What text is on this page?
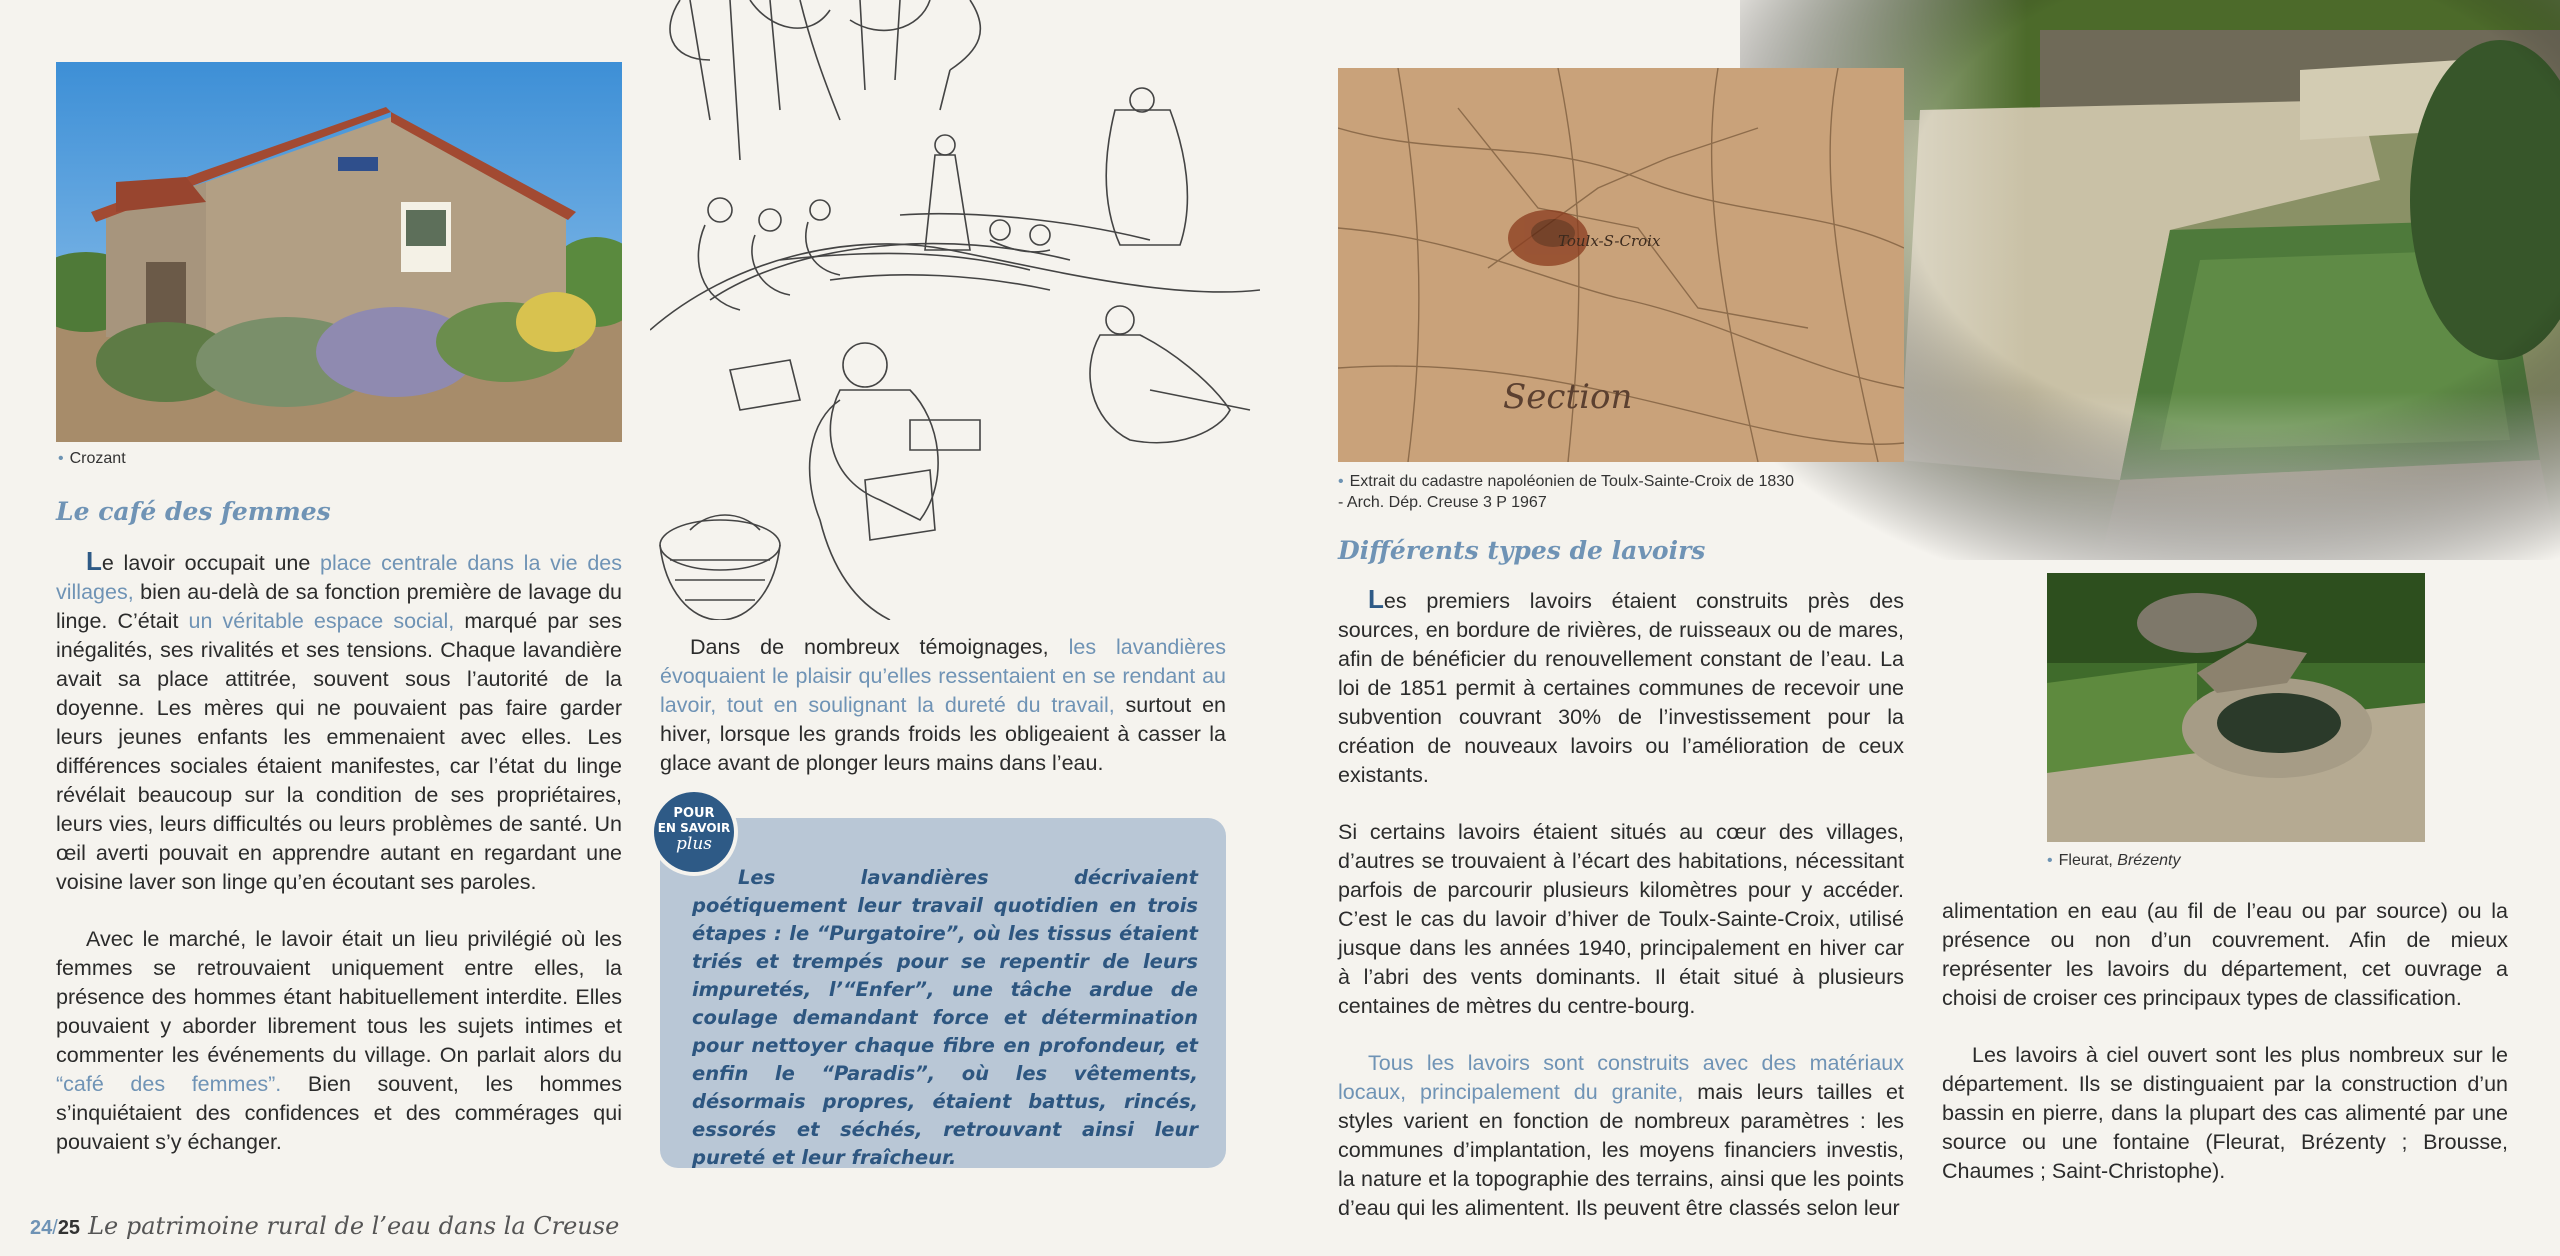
• Crozant
Le café des femmes

Le lavoir occupait une place centrale dans la vie des villages, bien au-delà de sa fonction première de lavage du linge. C’était un véritable espace social, marqué par ses inégalités, ses rivalités et ses tensions. Chaque lavandière avait sa place attitrée, souvent sous l’autorité de la doyenne. Les mères qui ne pouvaient pas faire garder leurs jeunes enfants les emmenaient avec elles. Les différences sociales étaient manifestes, car l’état du linge révélait beaucoup sur la condition de ses propriétaires, leurs vies, leurs difficultés ou leurs problèmes de santé. Un œil averti pouvait en apprendre autant en regardant une voisine laver son linge qu’en écoutant ses paroles.

Avec le marché, le lavoir était un lieu privilégié où les femmes se retrouvaient uniquement entre elles, la présence des hommes étant habituellement interdite. Elles pouvaient y aborder librement tous les sujets intimes et commenter les événements du village. On parlait alors du “café des femmes”. Bien souvent, les hommes s’inquiétaient des confidences et des commérages qui pouvaient s’y échanger.

Dans de nombreux témoignages, les lavandières évoquaient le plaisir qu’elles ressentaient en se rendant au lavoir, tout en soulignant la dureté du travail, surtout en hiver, lorsque les grands froids les obligeaient à casser la glace avant de plonger leurs mains dans l’eau.

Les lavandières décrivaient poétiquement leur travail quotidien en trois étapes : le “Purgatoire”, où les tissus étaient triés et trempés pour se repentir de leurs impuretés, l’“Enfer”, une tâche ardue de coulage demandant force et détermination pour nettoyer chaque fibre en profondeur, et enfin le “Paradis”, où les vêtements, désormais propres, étaient battus, rincés, essorés et séchés, retrouvant ainsi leur pureté et leur fraîcheur.
POUR
EN SAVOIR
plus
Section
Toulx-S-Croix
• Extrait du cadastre napoléonien de Toulx-Sainte-Croix de 1830
- Arch. Dép. Creuse 3 P 1967
Différents types de lavoirs

Les premiers lavoirs étaient construits près des sources, en bordure de rivières, de ruisseaux ou de mares, afin de bénéficier du renouvellement constant de l’eau. La loi de 1851 permit à certaines communes de recevoir une subvention couvrant 30% de l’investissement pour la création de nouveaux lavoirs ou l’amélioration de ceux existants.

Si certains lavoirs étaient situés au cœur des villages, d’autres se trouvaient à l’écart des habitations, nécessitant parfois de parcourir plusieurs kilomètres pour y accéder. C’est le cas du lavoir d’hiver de Toulx-Sainte-Croix, utilisé jusque dans les années 1940, principalement en hiver car à l’abri des vents dominants. Il était situé à plusieurs centaines de mètres du centre-bourg.

Tous les lavoirs sont construits avec des matériaux locaux, principalement du granite, mais leurs tailles et styles varient en fonction de nombreux paramètres : les communes d’implantation, les moyens financiers investis, la nature et la topographie des terrains, ainsi que les points d’eau qui les alimentent. Ils peuvent être classés selon leur

• Fleurat, Brézenty

alimentation en eau (au fil de l’eau ou par source) ou la présence ou non d’un couvrement. Afin de mieux représenter les lavoirs du département, cet ouvrage a choisi de croiser ces principaux types de classification.

Les lavoirs à ciel ouvert sont les plus nombreux sur le département. Ils se distinguaient par la construction d’un bassin en pierre, dans la plupart des cas alimenté par une source ou une fontaine (Fleurat, Brézenty ; Brousse, Chaumes ; Saint-Christophe).

24/25 Le patrimoine rural de l’eau dans la Creuse
